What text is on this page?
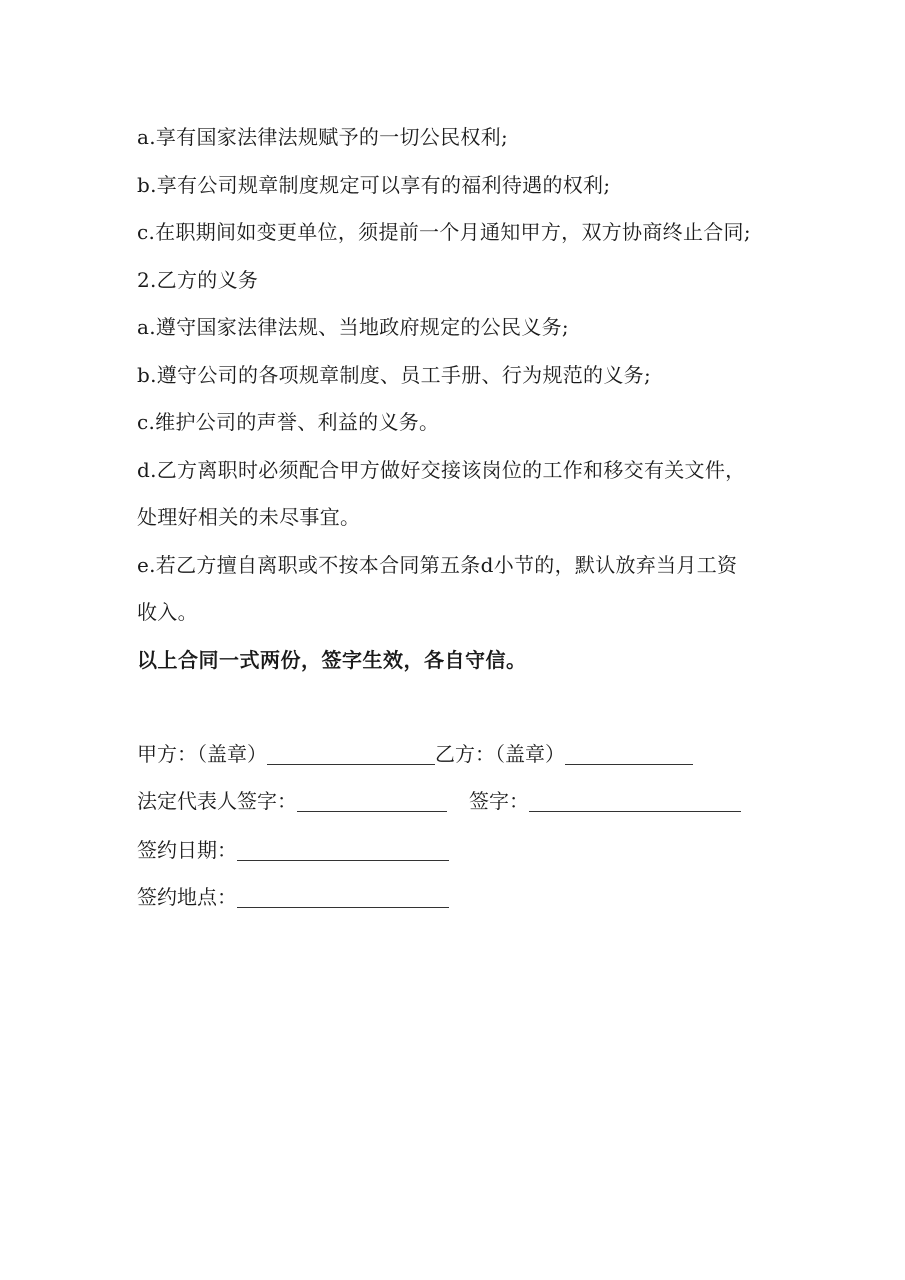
a.享有国家法律法规赋予的一切公民权利;
b.享有公司规章制度规定可以享有的福利待遇的权利;
c.在职期间如变更单位，须提前一个月通知甲方，双方协商终止合同;
2.乙方的义务
a.遵守国家法律法规、当地政府规定的公民义务;
b.遵守公司的各项规章制度、员工手册、行为规范的义务;
c.维护公司的声誉、利益的义务。
d.乙方离职时必须配合甲方做好交接该岗位的工作和移交有关文件，
处理好相关的未尽事宜。
e.若乙方擅自离职或不按本合同第五条d小节的，默认放弃当月工资
收入。
以上合同一式两份，签字生效，各自守信。
甲方：（盖章）	乙方：（盖章）
法定代表人签字：	签字：
签约日期：
签约地点：
